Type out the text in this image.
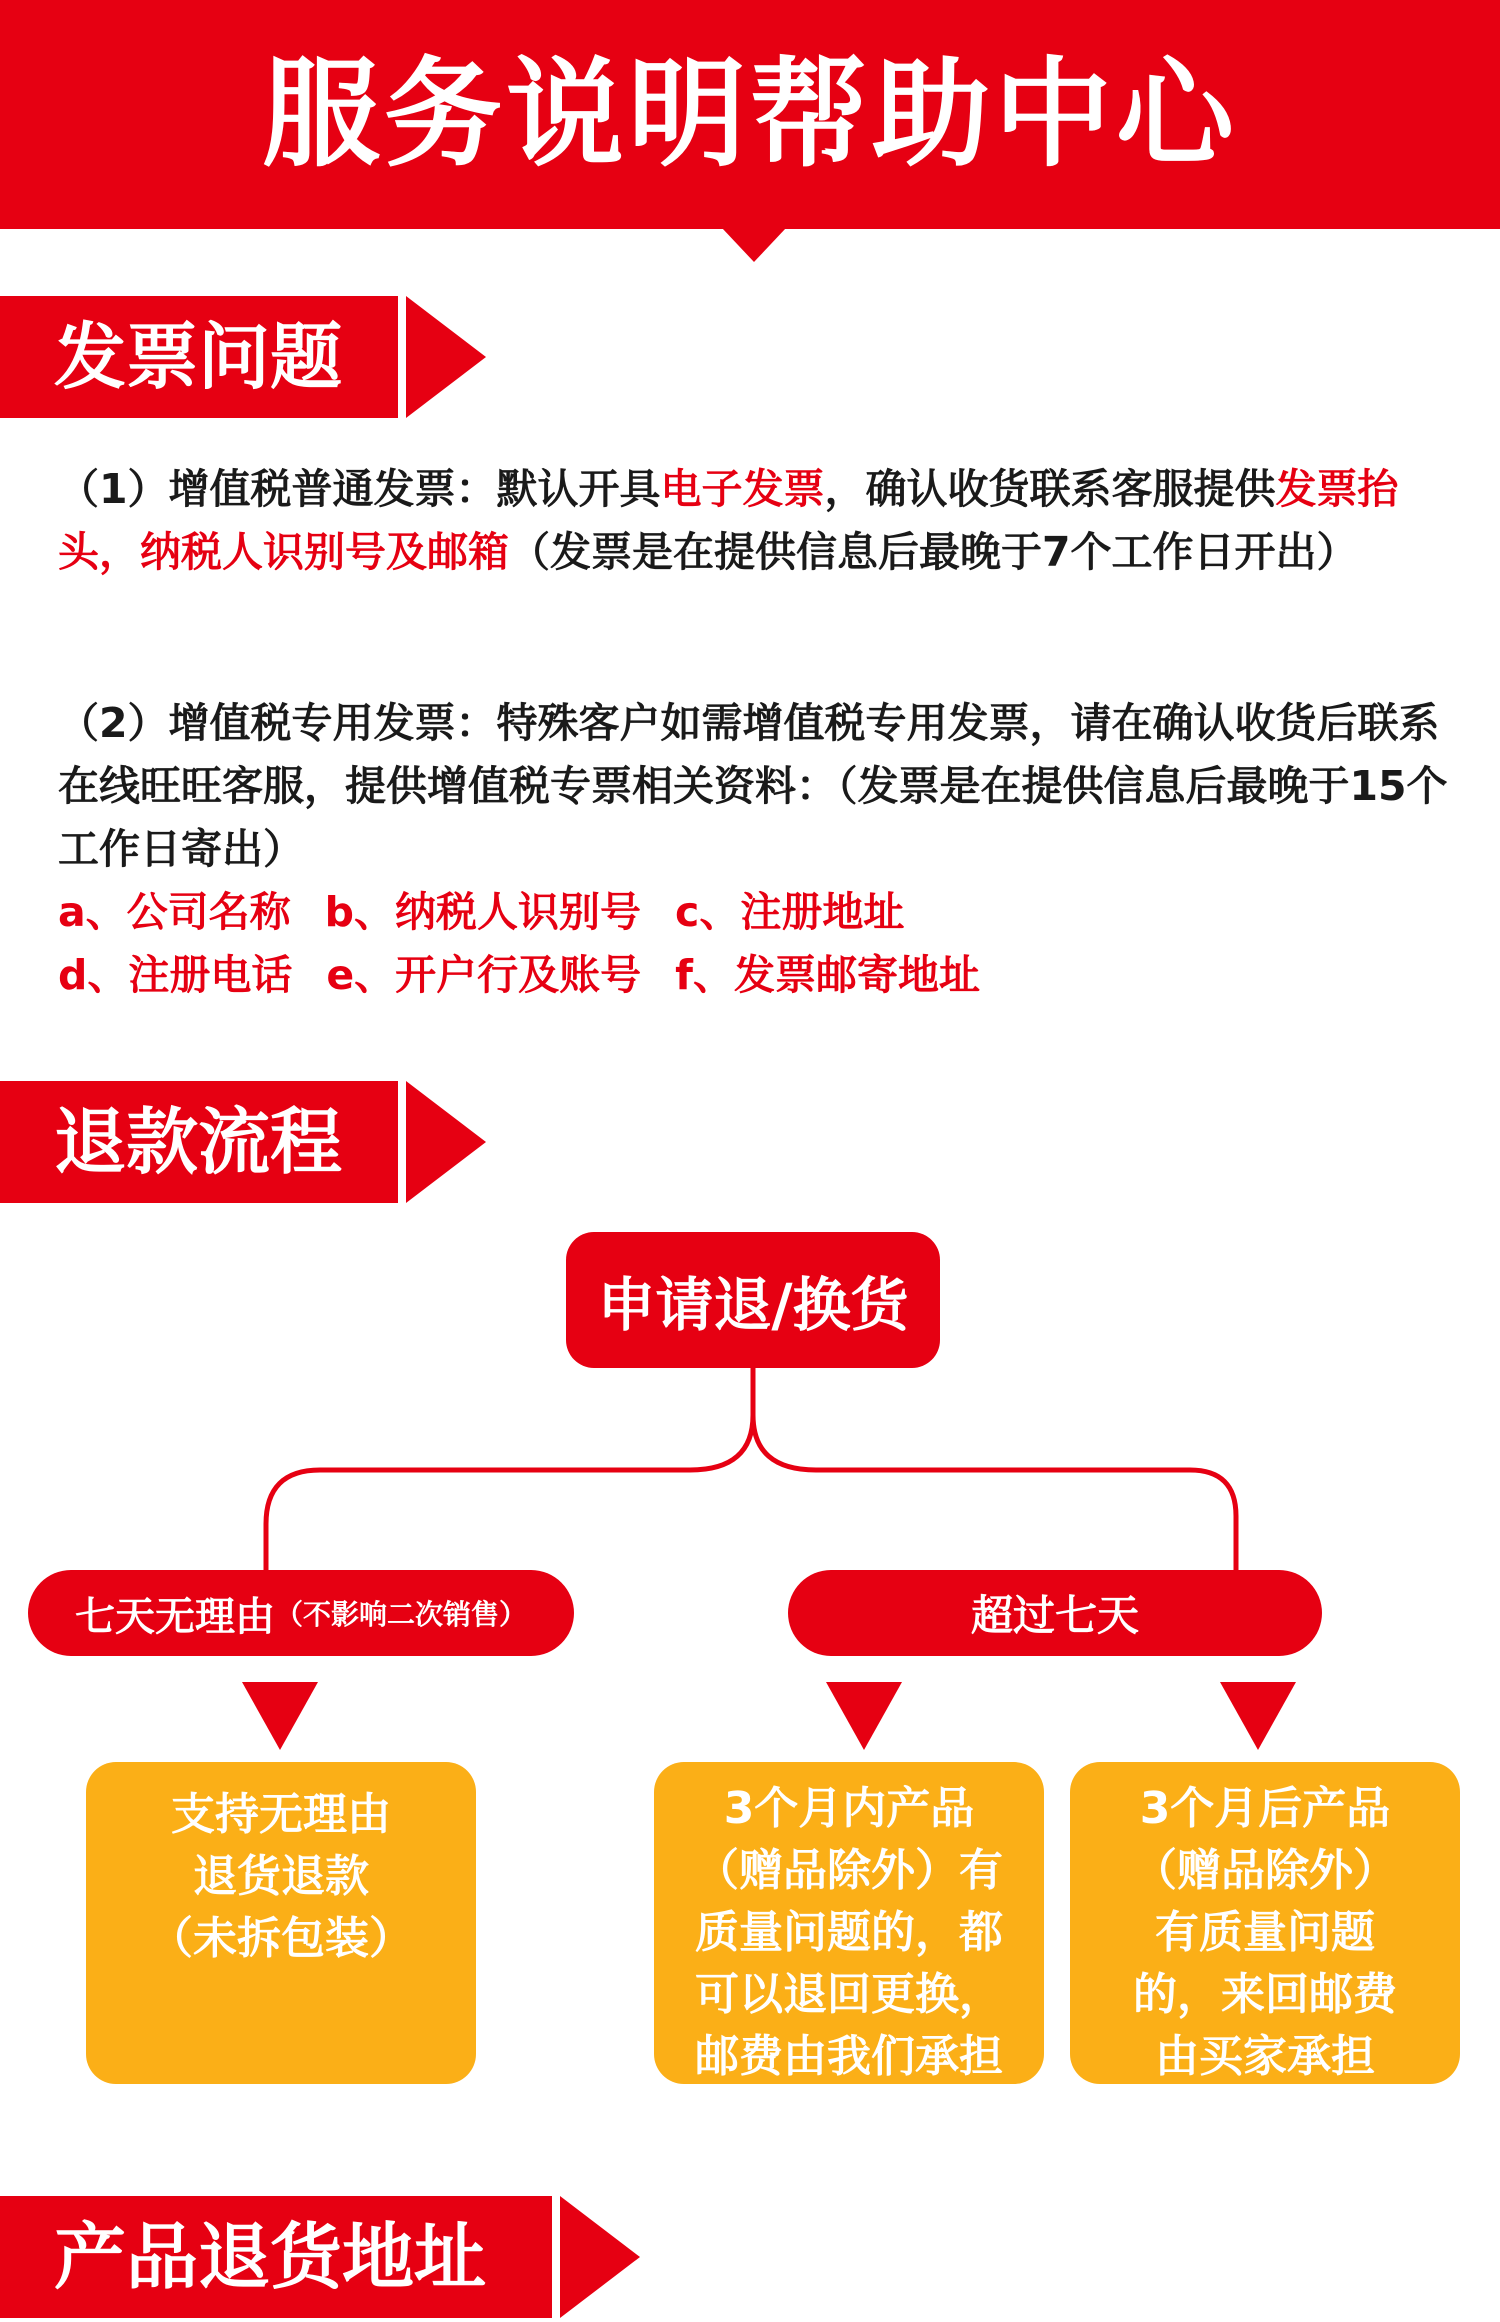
服务说明帮助中心
发票问题

（1）增值税普通发票：默认开具电子发票，确认收货联系客服提供发票抬头，纳税人识别号及邮箱（发票是在提供信息后最晚于7个工作日开出）

（2）增值税专用发票：特殊客户如需增值税专用发票，请在确认收货后联系在线旺旺客服，提供增值税专票相关资料：（发票是在提供信息后最晚于15个工作日寄出）

a、公司名称 b、纳税人识别号 c、注册地址
d、注册电话 e、开户行及账号 f、发票邮寄地址
退款流程
申请退/换货
七天无理由 （不影响二次销售）	超过七天
支持无理由
退货退款
（未拆包装）
3个月内产品
（赠品除外）有
质量问题的，都
可以退回更换，
邮费由我们承担
3个月后产品
（赠品除外）
有质量问题
的，来回邮费
由买家承担
产品退货地址
